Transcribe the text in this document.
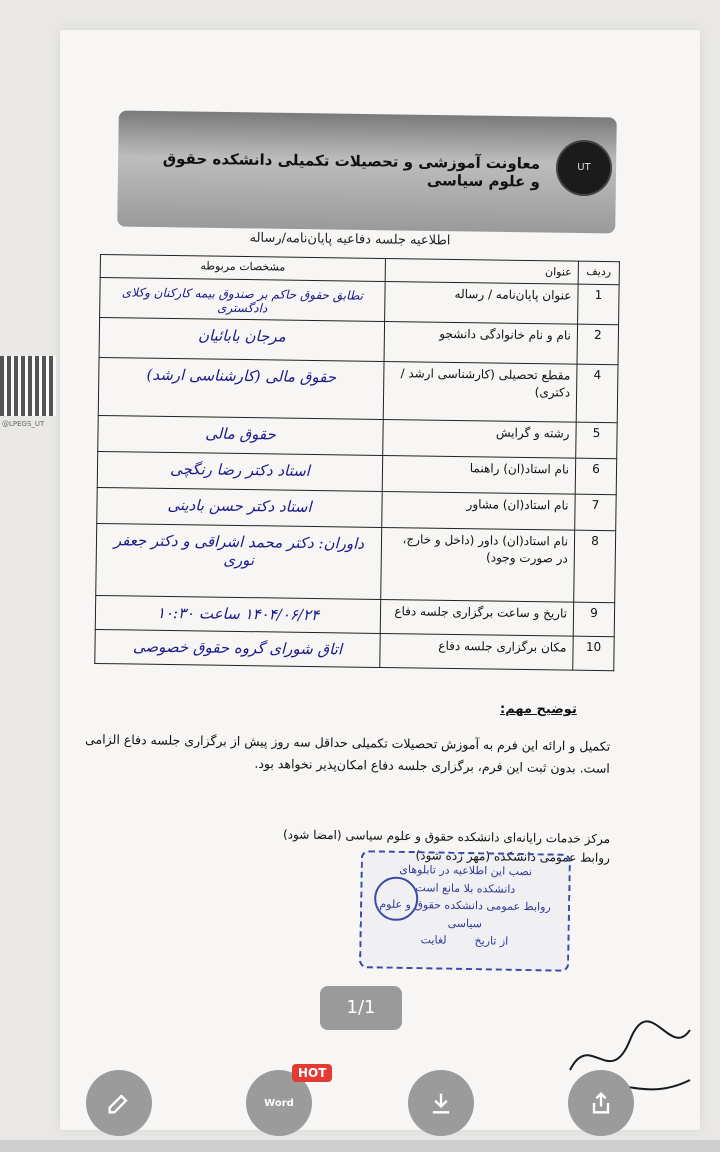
UT
معاونت آموزشی و تحصیلات تکمیلی دانشکده حقوق و علوم سیاسی
اطلاعیه جلسه دفاعیه پایان‌نامه/رساله
@LPEGS_UT
ردیف	عنوان	مشخصات مربوطه
1	عنوان پایان‌نامه / رساله	تطابق حقوق حاکم بر صندوق بیمه کارکنان وکلای دادگستری
2	نام و نام خانوادگی دانشجو	مرجان بابائیان
4	مقطع تحصیلی (کارشناسی ارشد / دکتری)	حقوق مالی (کارشناسی ارشد)
5	رشته و گرایش	حقوق مالی
6	نام استاد(ان) راهنما	استاد دکتر رضا رنگچی
7	نام استاد(ان) مشاور	استاد دکتر حسن بادینی
8	نام استاد(ان) داور (داخل و خارج، در صورت وجود)	داوران: دکتر محمد اشراقی و دکتر جعفر نوری
9	تاریخ و ساعت برگزاری جلسه دفاع	۱۴۰۴/۰۶/۲۴ ساعت ۱۰:۳۰
10	مکان برگزاری جلسه دفاع	اتاق شورای گروه حقوق خصوصی
توضیح مهم:
تکمیل و ارائه این فرم به آموزش تحصیلات تکمیلی حداقل سه روز پیش از برگزاری جلسه دفاع الزامی است. بدون ثبت این فرم، برگزاری جلسه دفاع امکان‌پذیر نخواهد بود.
مرکز خدمات رایانه‌ای دانشکده حقوق و علوم سیاسی (امضا شود)
روابط عمومی دانشکده (مهر زده شود)
نصب این اطلاعیه در تابلوهای
دانشکده بلا مانع است
روابط عمومی دانشکده حقوق و علوم سیاسی
از تاریخ        لغایت
1/1
Word
HOT
